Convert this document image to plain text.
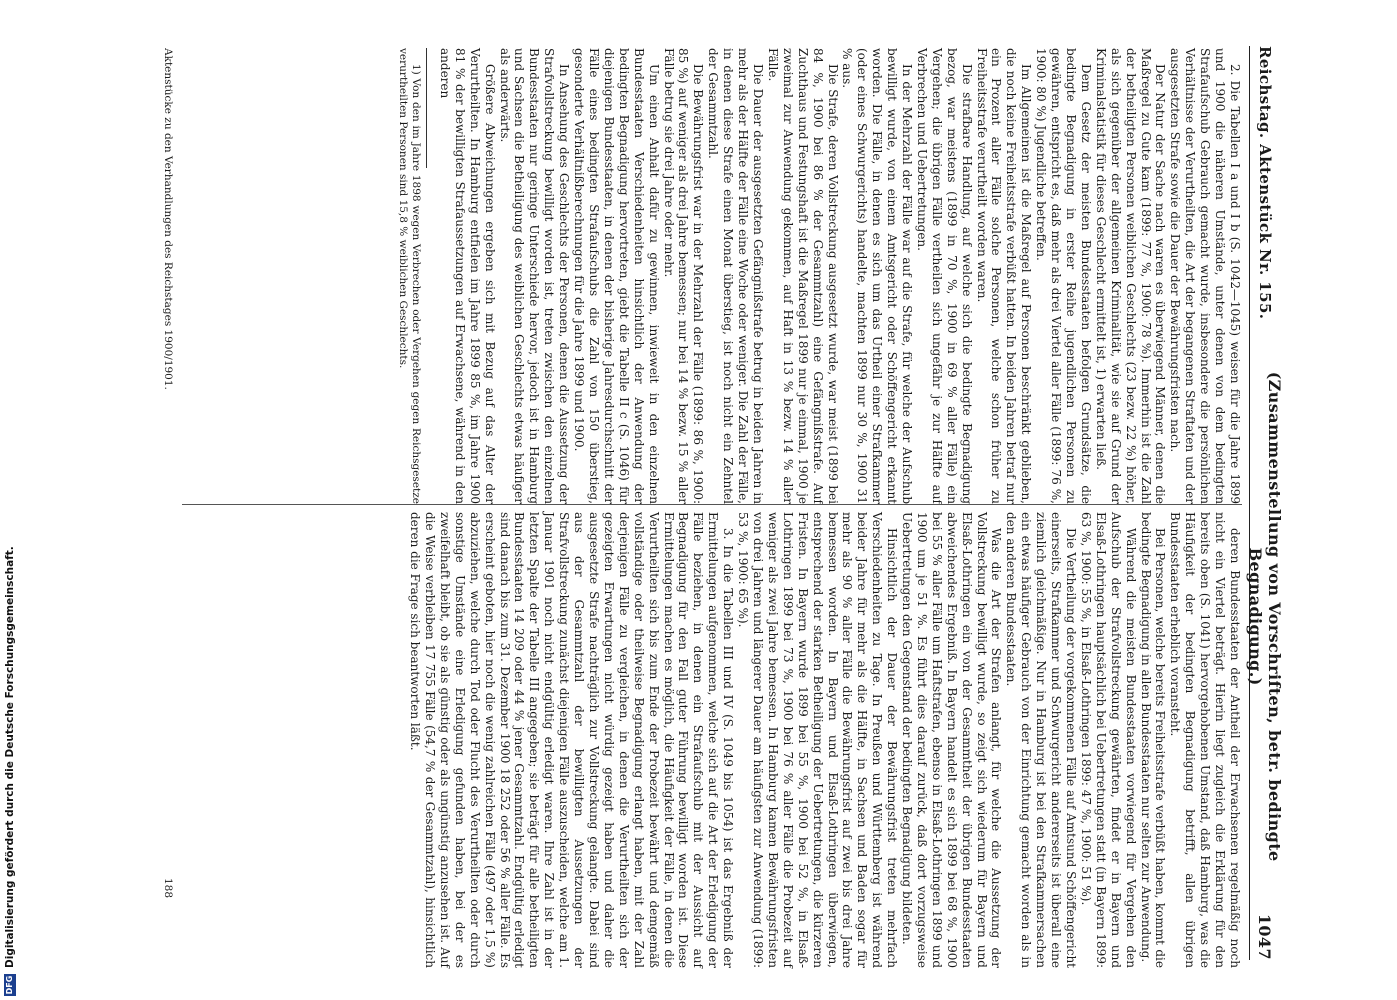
Reichstag. Aktenstück Nr. 155.
(Zusammenstellung von Vorschriften, betr. bedingte Begnadigung.)
1047

2. Die Tabellen I a und I b (S. 1042—1045) weisen für die Jahre 1899 und 1900 die näheren Umstände, unter denen von dem bedingten Strafaufschub Gebrauch gemacht wurde, insbesondere die persönlichen Verhältnisse der Verurtheilten, die Art der begangenen Straftaten und der ausgesetzten Strafe sowie die Dauer der Bewährungsfristen nach.

Der Natur der Sache nach waren es überwiegend Männer, denen die Maßregel zu Gute kam (1899: 77 %, 1900: 78 %). Immerhin ist die Zahl der betheiligten Personen weiblichen Geschlechts (23 bezw. 22 %) höher, als sich gegenüber der allgemeinen Kriminalität, wie sie auf Grund der Kriminalstatistik für dieses Geschlecht ermittelt ist, 1) erwarten ließ.

Dem Gesetz der meisten Bundesstaaten befolgen Grundsätze, die bedingte Begnadigung in erster Reihe jugendlichen Personen zu gewähren, entspricht es, daß mehr als drei Viertel aller Fälle (1899: 76 %, 1900: 80 %) Jugendliche betreffen.

Im Allgemeinen ist die Maßregel auf Personen beschränkt geblieben, die noch keine Freiheitsstrafe verbüßt hatten. In beiden Jahren betraf nur ein Prozent aller Fälle solche Personen, welche schon früher zu Freiheitsstrafe verurtheilt worden waren.

Die strafbare Handlung, auf welche sich die bedingte Begnadigung bezog, war meistens (1899 in 70 %, 1900 in 69 % aller Fälle) ein Vergehen; die übrigen Fälle vertheilen sich ungefähr je zur Hälfte auf Verbrechen und Uebertretungen.

In der Mehrzahl der Fälle war auf die Strafe, für welche der Aufschub bewilligt wurde, von einem Amtsgericht oder Schöffengericht erkannt worden. Die Fälle, in denen es sich um das Urtheil einer Strafkammer (oder eines Schwurgerichts) handelte, machten 1899 nur 30 %, 1900 31 % aus.

Die Strafe, deren Vollstreckung ausgesetzt wurde, war meist (1899 bei 84 %, 1900 bei 86 % der Gesammtzahl) eine Gefängnißstrafe. Auf Zuchthaus und Festungshaft ist die Maßregel 1899 nur je einmal, 1900 je zweimal zur Anwendung gekommen, auf Haft in 13 % bezw. 14 % aller Fälle.

Die Dauer der ausgesetzten Gefängnißstrafe betrug in beiden Jahren in mehr als der Hälfte der Fälle eine Woche oder weniger. Die Zahl der Fälle, in denen diese Strafe einen Monat überstieg, ist noch nicht ein Zehntel der Gesammtzahl.

Die Bewährungsfrist war in der Mehrzahl der Fälle (1899: 86 %, 1900: 85 %) auf weniger als drei Jahre bemessen; nur bei 14 % bezw. 15 % aller Fälle betrug sie drei Jahre oder mehr.

Um einen Anhalt dafür zu gewinnen, inwieweit in den einzelnen Bundesstaaten Verschiedenheiten hinsichtlich der Anwendung der bedingten Begnadigung hervortreten, giebt die Tabelle II c (S. 1046) für diejenigen Bundesstaaten, in denen der bisherige Jahresdurchschnitt der Fälle eines bedingten Strafaufschubs die Zahl von 150 überstieg, gesonderte Verhältnißberechnungen für die Jahre 1899 und 1900.

In Ansehung des Geschlechts der Personen, denen die Aussetzung der Strafvollstreckung bewilligt worden ist, treten zwischen den einzelnen Bundesstaaten nur geringe Unterschiede hervor, jedoch ist in Hamburg und Sachsen die Betheiligung des weiblichen Geschlechts etwas häufiger als anderwärts.

Größere Abweichungen ergeben sich mit Bezug auf das Alter der Verurtheilten. In Hamburg entfielen im Jahre 1899 85 %, im Jahre 1900 81 % der bewilligten Strafaussetzungen auf Erwachsene, während in den anderen

1) Von den im Jahre 1898 wegen Verbrechen oder Vergehen gegen Reichsgesetze verurtheilten Personen sind 15,8 % weiblichen Geschlechts.

deren Bundesstaaten der Antheil der Erwachsenen regelmäßig noch nicht ein Viertel beträgt. Hierin liegt zugleich die Erklärung für den bereits oben (S. 1041) hervorgehobenen Umstand, daß Hamburg, was die Häufigkeit der bedingten Begnadigung betrifft, allen übrigen Bundesstaaten erheblich voransteht.

Bei Personen, welche bereits Freiheitsstrafe verbüßt haben, kommt die bedingte Begnadigung in allen Bundesstaaten nur selten zur Anwendung.

Während die meisten Bundesstaaten vorwiegend für Vergehen den Aufschub der Strafvollstreckung gewährten, findet er in Bayern und Elsaß-Lothringen hauptsächlich bei Uebertretungen statt (in Bayern 1899: 63 %, 1900: 55 %, in Elsaß-Lothringen 1899: 47 %, 1900: 51 %).

Die Vertheilung der vorgekommenen Fälle auf Amtsund Schöffengericht einerseits, Strafkammer und Schwurgericht andererseits ist überall eine ziemlich gleichmäßige. Nur in Hamburg ist bei den Strafkammersachen ein etwas häufiger Gebrauch von der Einrichtung gemacht worden als in den anderen Bundesstaaten.

Was die Art der Strafen anlangt, für welche die Aussetzung der Vollstreckung bewilligt wurde, so zeigt sich wiederum für Bayern und Elsaß-Lothringen ein von der Gesammtheit der übrigen Bundesstaaten abweichendes Ergebniß. In Bayern handelt es sich 1899 bei 68 %, 1900 bei 55 % aller Fälle um Haftstrafen, ebenso in Elsaß-Lothringen 1899 und 1900 um je 51 %. Es führt dies darauf zurück, daß dort vorzugsweise Uebertretungen den Gegenstand der bedingten Begnadigung bildeten.

Hinsichtlich der Dauer der Bewährungsfrist treten mehrfach Verschiedenheiten zu Tage. In Preußen und Württemberg ist während beider Jahre für mehr als die Hälfte, in Sachsen und Baden sogar für mehr als 90 % aller Fälle die Bewährungsfrist auf zwei bis drei Jahre bemessen worden. In Bayern und Elsaß-Lothringen überwiegen, entsprechend der starken Betheiligung der Uebertretungen, die kürzeren Fristen. In Bayern wurde 1899 bei 55 %, 1900 bei 52 %, in Elsaß-Lothringen 1899 bei 73 %, 1900 bei 76 % aller Fälle die Probezeit auf weniger als zwei Jahre bemessen. In Hamburg kamen Bewährungsfristen von drei Jahren und längerer Dauer am häufigsten zur Anwendung (1899: 53 %, 1900: 65 %).

3. In die Tabellen III und IV (S. 1049 bis 1054) ist das Ergebniß der Ermittelungen aufgenommen, welche sich auf die Art der Erledigung der Fälle beziehen, in denen ein Strafaufschub mit der Aussicht auf Begnadigung für den Fall guter Führung bewilligt worden ist. Diese Ermittelungen machen es möglich, die Häufigkeit der Fälle, in denen die Verurtheilten sich bis zum Ende der Probezeit bewährt und demgemäß vollständige oder theilweise Begnadigung erlangt haben, mit der Zahl derjenigen Fälle zu vergleichen, in denen die Verurtheilten sich der gezeigten Erwartungen nicht würdig gezeigt haben und daher die ausgesetzte Strafe nachträglich zur Vollstreckung gelangte. Dabei sind aus der Gesammtzahl der bewilligten Aussetzungen der Strafvollstreckung zunächst diejenigen Fälle auszuscheiden, welche am 1. Januar 1901 noch nicht endgültig erledigt waren. Ihre Zahl ist in der letzten Spalte der Tabelle III angegeben; sie beträgt für alle betheiligten Bundesstaaten 14 209 oder 44 % jener Gesammtzahl. Endgültig erledigt sind danach bis zum 31. Dezember 1900 18 252 oder 56 % aller Fälle. Es erscheint geboten, hier noch die wenig zahlreichen Fälle (497 oder 1,5 %) abzuziehen, welche durch Tod oder Flucht des Verurtheilten oder durch sonstige Umstände eine Erledigung gefunden haben, bei der es zweifelhaft bleibt, ob sie als günstig oder als ungünstig anzusehen ist. Auf die Weise verbleiben 17 755 Fälle (54,7 % der Gesammtzahl), hinsichtlich deren die Frage sich beantworten läßt.

Aktenstücke zu den Verhandlungen des Reichstages 1900/1901.
188
DFG
Digitalisierung gefördert durch die Deutsche Forschungsgemeinschaft.
